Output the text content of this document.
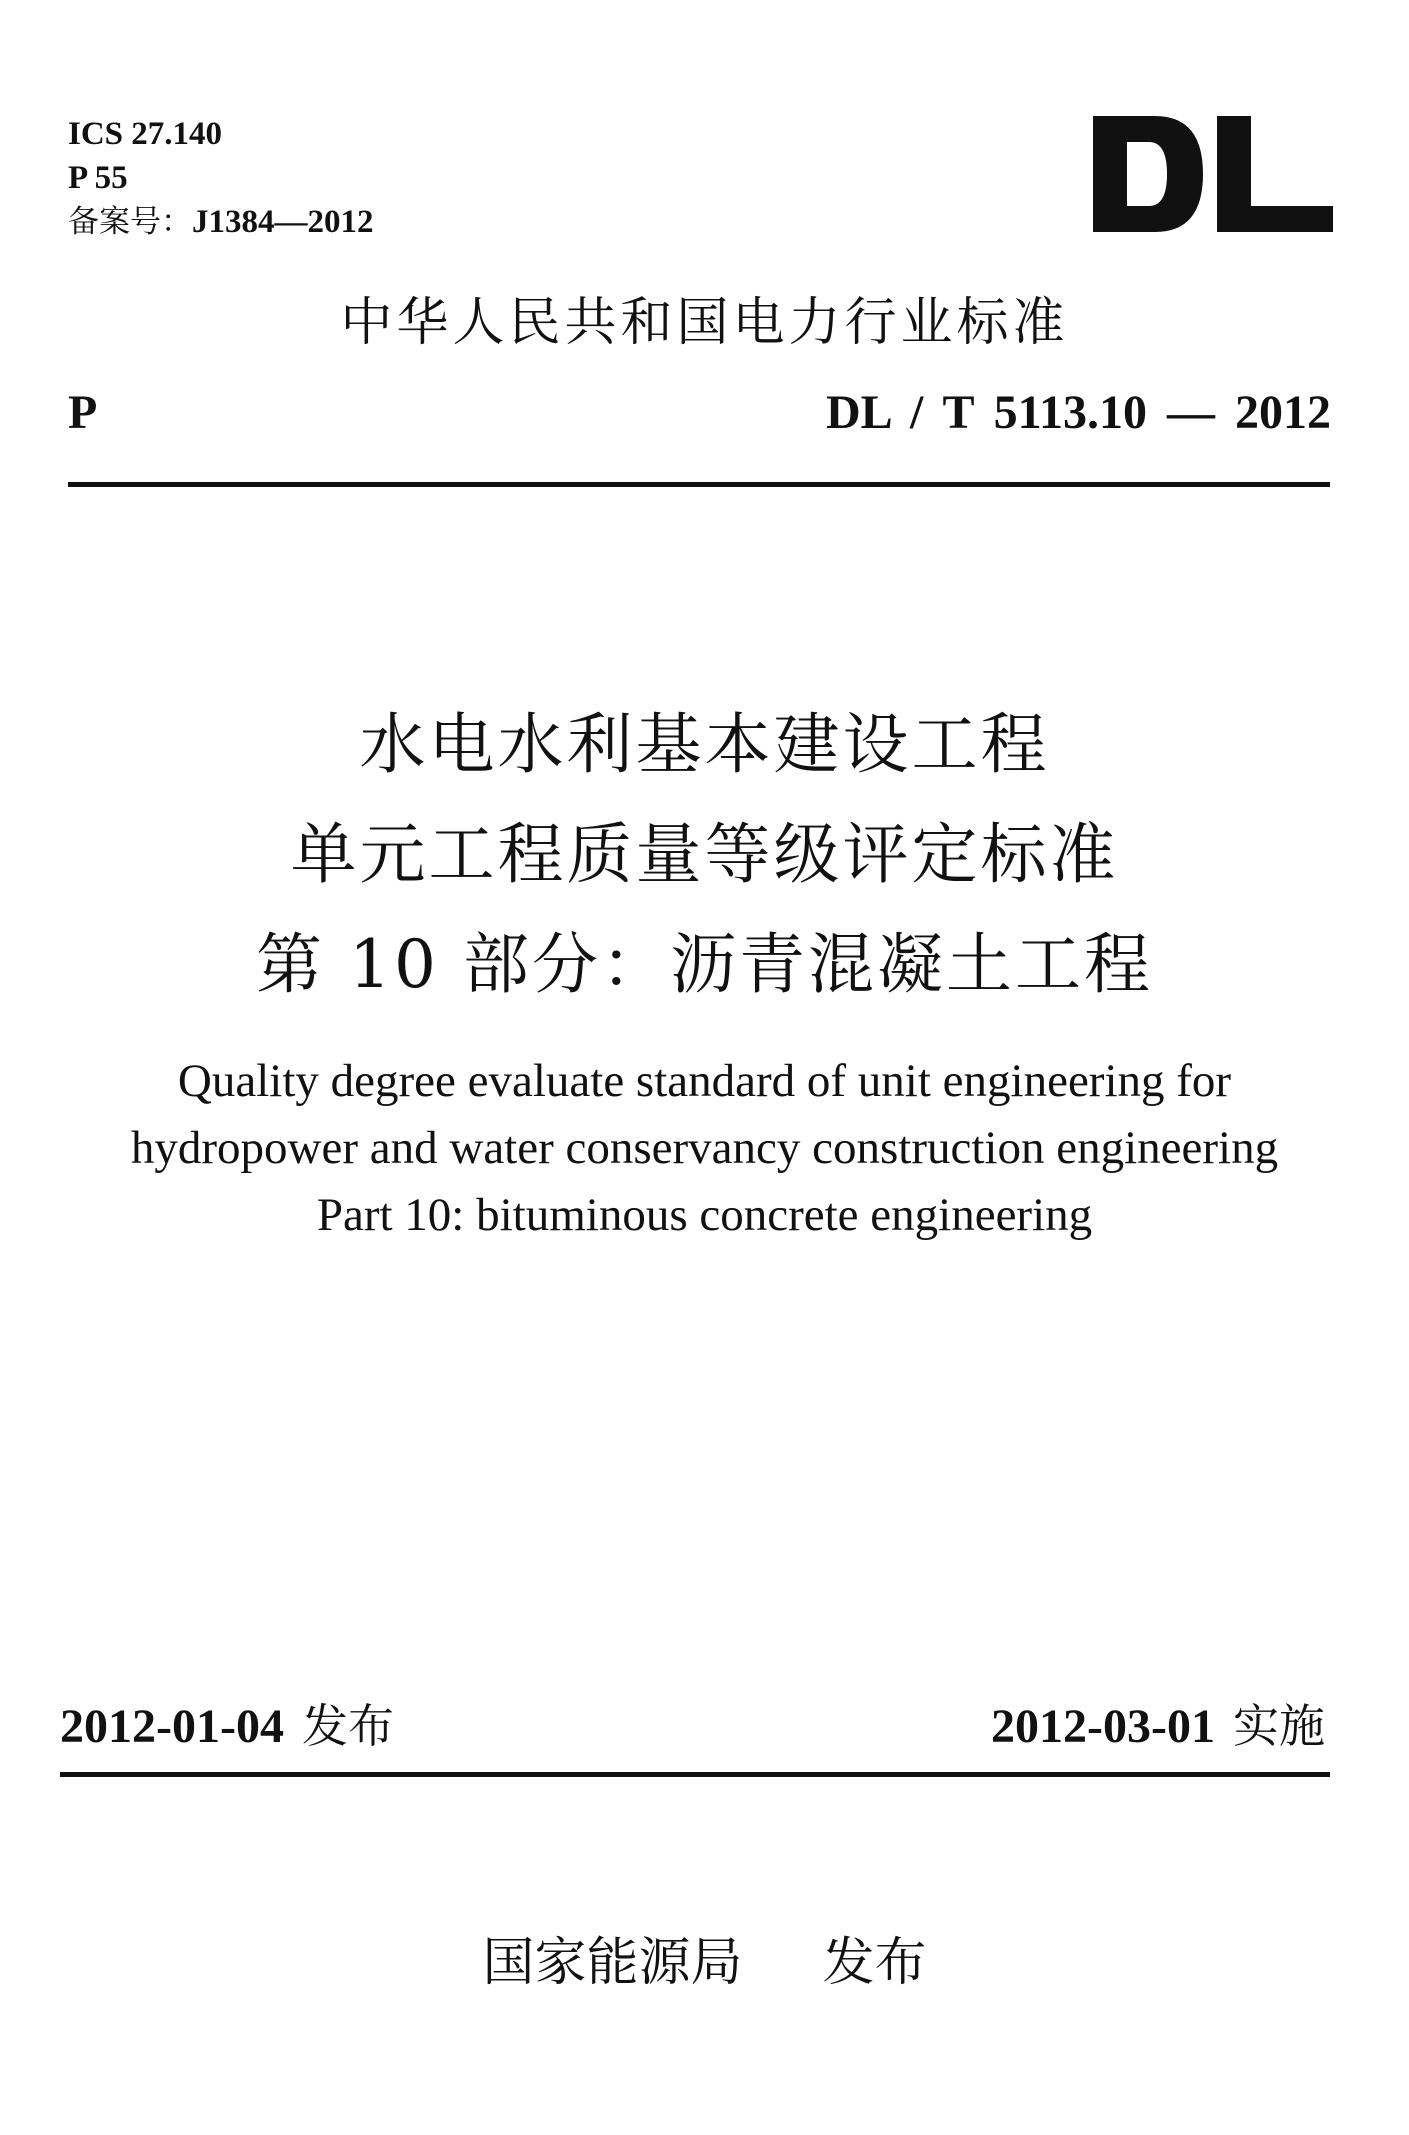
ICS 27.140
P 55
备案号：J1384—2012
中华人民共和国电力行业标准
P	DL / T 5113.10 — 2012
水电水利基本建设工程
单元工程质量等级评定标准
第 10 部分：沥青混凝土工程
Quality degree evaluate standard of unit engineering for
hydropower and water conservancy construction engineering
Part 10: bituminous concrete engineering
2012-01-04 发布	2012-03-01 实施
国家能源局 发布
